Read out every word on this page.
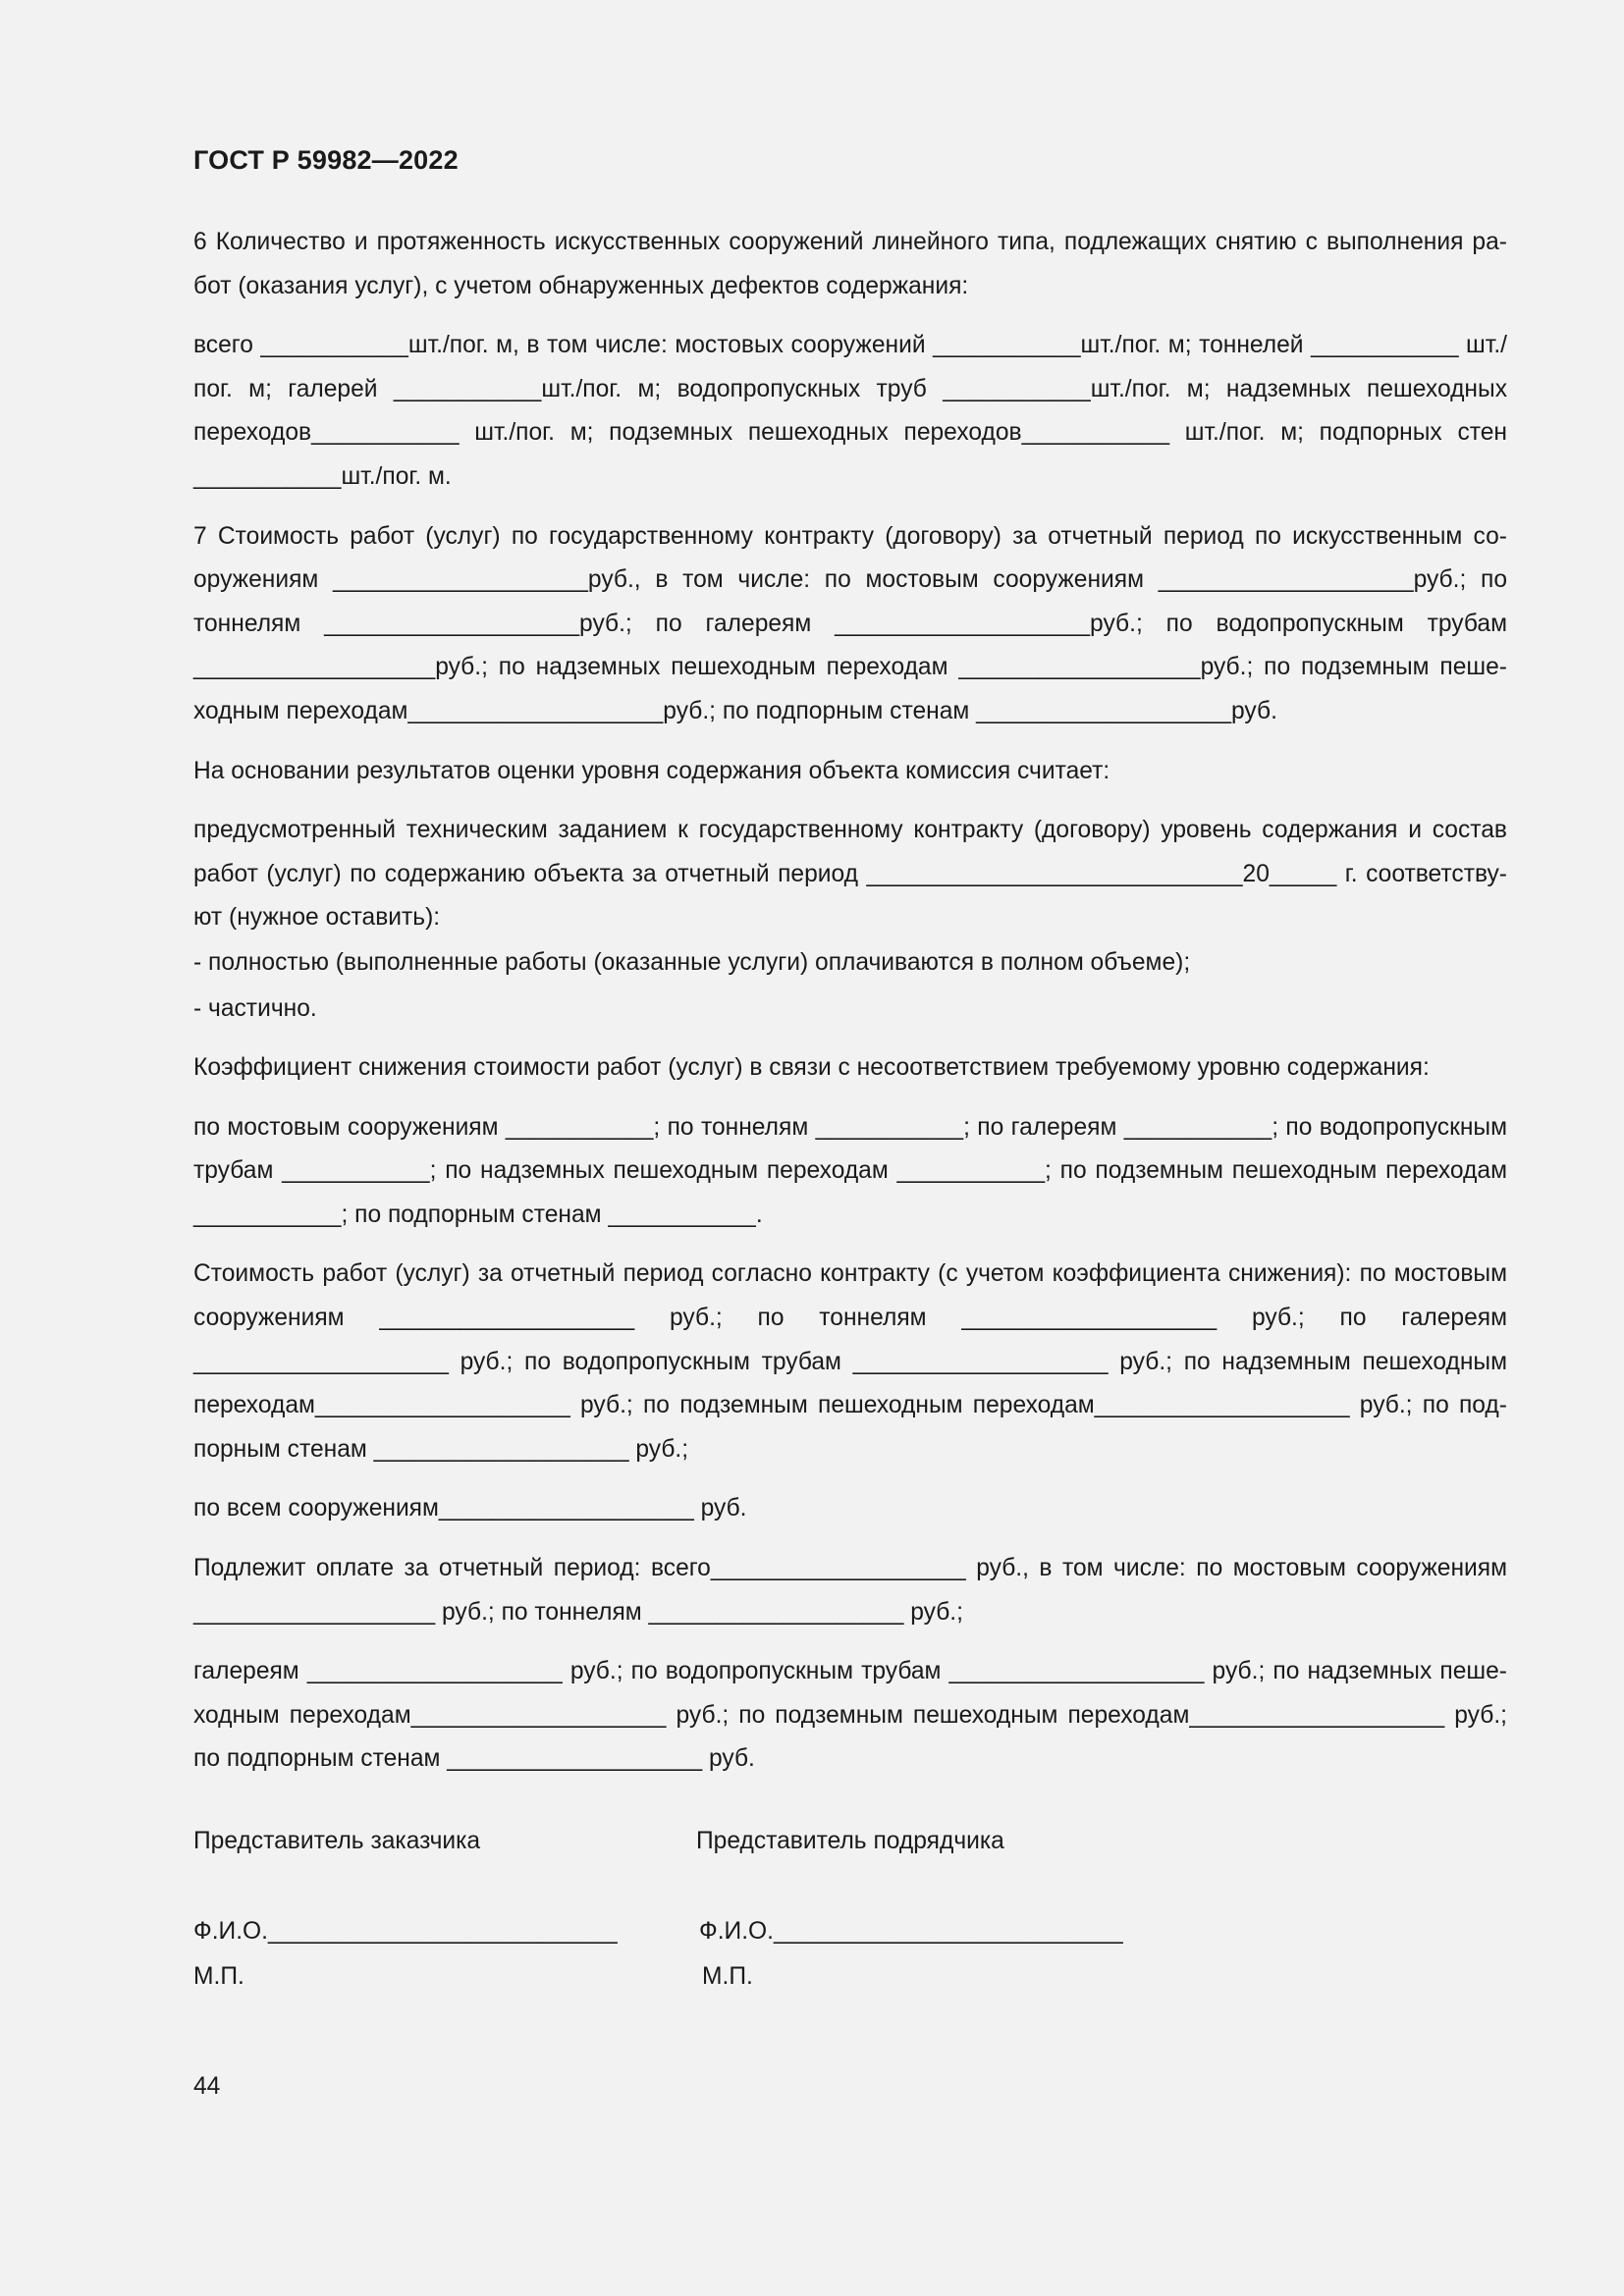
ГОСТ Р 59982—2022

6 Количество и протяженность искусственных сооружений линейного типа, подлежащих снятию с выполнения работ (оказания услуг), с учетом обнаруженных дефектов содержания:

всего ___________шт./пог. м, в том числе: мостовых сооружений ___________шт./пог. м; тоннелей ___________ шт./пог. м; галерей ___________шт./пог. м; водопропускных труб ___________шт./пог. м; надземных пешеходных переходов___________ шт./пог. м; подземных пешеходных переходов___________ шт./пог. м; подпорных стен ___________шт./пог. м.

7 Стоимость работ (услуг) по государственному контракту (договору) за отчетный период по искусственным сооружениям ___________________руб., в том числе: по мостовым сооружениям ___________________руб.; по тоннелям ___________________руб.; по галереям ___________________руб.; по водопропускным трубам __________________руб.; по надземных пешеходным переходам __________________руб.; по подземным пешеходным переходам___________________руб.; по подпорным стенам ___________________руб.

На основании результатов оценки уровня содержания объекта комиссия считает:

предусмотренный техническим заданием к государственному контракту (договору) уровень содержания и состав работ (услуг) по содержанию объекта за отчетный период ____________________________20_____ г. соответствуют (нужное оставить):

- полностью (выполненные работы (оказанные услуги) оплачиваются в полном объеме);

- частично.

Коэффициент снижения стоимости работ (услуг) в связи с несоответствием требуемому уровню содержания:

по мостовым сооружениям ___________; по тоннелям ___________; по галереям ___________; по водопропускным трубам ___________; по надземных пешеходным переходам ___________; по подземным пешеходным переходам ___________; по подпорным стенам ___________.

Стоимость работ (услуг) за отчетный период согласно контракту (с учетом коэффициента снижения): по мостовым сооружениям ___________________ руб.; по тоннелям ___________________ руб.; по галереям ___________________ руб.; по водопропускным трубам ___________________ руб.; по надземным пешеходным переходам___________________ руб.; по подземным пешеходным переходам___________________ руб.; по подпорным стенам ___________________ руб.;

по всем сооружениям___________________ руб.

Подлежит оплате за отчетный период: всего___________________ руб., в том числе: по мостовым сооружениям __________________ руб.; по тоннелям ___________________ руб.;

галереям ___________________ руб.; по водопропускным трубам ___________________ руб.; по надземных пешеходным переходам___________________ руб.; по подземным пешеходным переходам___________________ руб.; по подпорным стенам ___________________ руб.

Представитель заказчика	Представитель подрядчика
Ф.И.О.__________________________	Ф.И.О.__________________________
М.П.	М.П.
44
